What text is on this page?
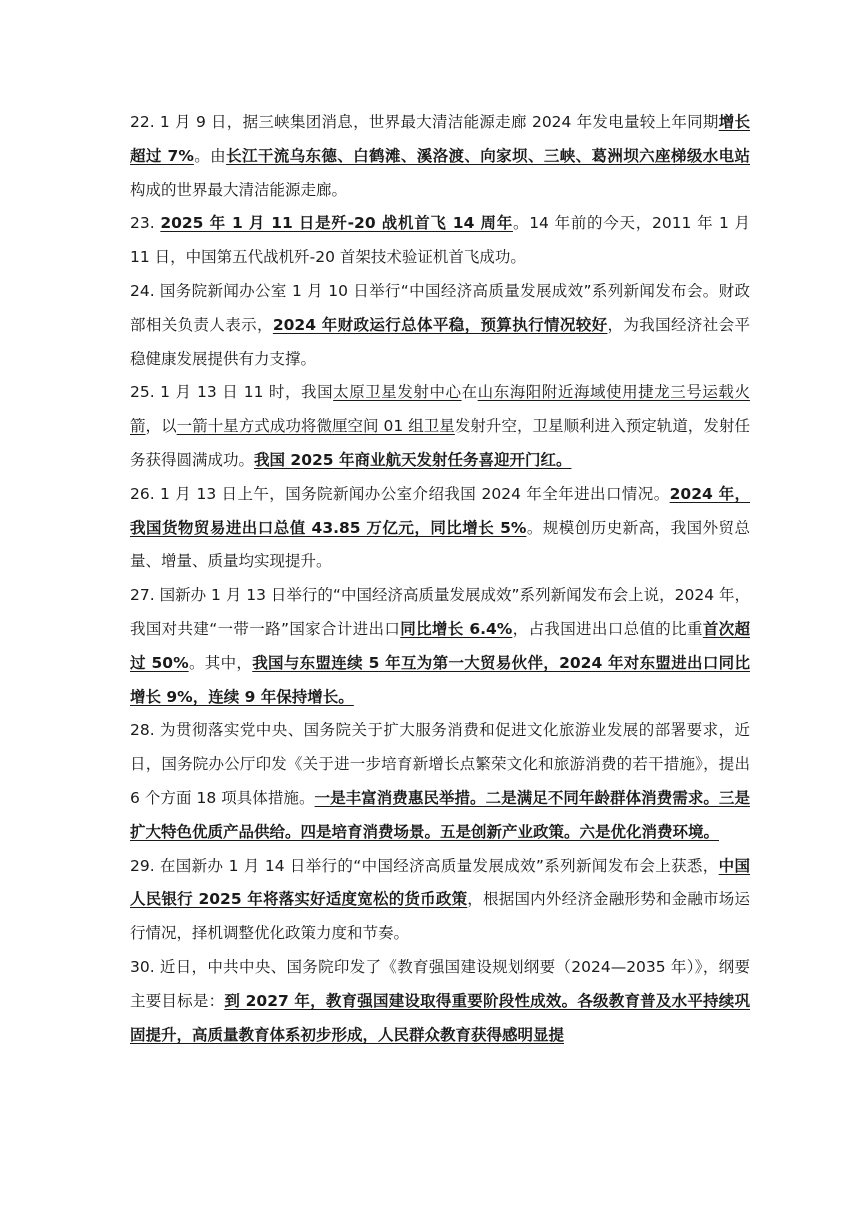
22. 1 月 9 日，据三峡集团消息，世界最大清洁能源走廊 2024 年发电量较上年同期增长超过 7%。由长江干流乌东德、白鹤滩、溪洛渡、向家坝、三峡、葛洲坝六座梯级水电站构成的世界最大清洁能源走廊。

23. 2025 年 1 月 11 日是歼-20 战机首飞 14 周年。14 年前的今天，2011 年 1 月 11 日，中国第五代战机歼-20 首架技术验证机首飞成功。

24. 国务院新闻办公室 1 月 10 日举行“中国经济高质量发展成效”系列新闻发布会。财政部相关负责人表示，2024 年财政运行总体平稳，预算执行情况较好，为我国经济社会平稳健康发展提供有力支撑。

25. 1 月 13 日 11 时，我国太原卫星发射中心在山东海阳附近海域使用捷龙三号运载火箭，以一箭十星方式成功将微厘空间 01 组卫星发射升空，卫星顺利进入预定轨道，发射任务获得圆满成功。我国 2025 年商业航天发射任务喜迎开门红。

26. 1 月 13 日上午，国务院新闻办公室介绍我国 2024 年全年进出口情况。2024 年，我国货物贸易进出口总值 43.85 万亿元，同比增长 5%。规模创历史新高，我国外贸总量、增量、质量均实现提升。

27. 国新办 1 月 13 日举行的“中国经济高质量发展成效”系列新闻发布会上说，2024 年，我国对共建“一带一路”国家合计进出口同比增长 6.4%，占我国进出口总值的比重首次超过 50%。其中，我国与东盟连续 5 年互为第一大贸易伙伴，2024 年对东盟进出口同比增长 9%，连续 9 年保持增长。

28. 为贯彻落实党中央、国务院关于扩大服务消费和促进文化旅游业发展的部署要求，近日，国务院办公厅印发《关于进一步培育新增长点繁荣文化和旅游消费的若干措施》，提出 6 个方面 18 项具体措施。一是丰富消费惠民举措。二是满足不同年龄群体消费需求。三是扩大特色优质产品供给。四是培育消费场景。五是创新产业政策。六是优化消费环境。

29. 在国新办 1 月 14 日举行的“中国经济高质量发展成效”系列新闻发布会上获悉，中国人民银行 2025 年将落实好适度宽松的货币政策，根据国内外经济金融形势和金融市场运行情况，择机调整优化政策力度和节奏。

30. 近日，中共中央、国务院印发了《教育强国建设规划纲要（2024—2035 年）》，纲要主要目标是：到 2027 年，教育强国建设取得重要阶段性成效。各级教育普及水平持续巩固提升，高质量教育体系初步形成，人民群众教育获得感明显提
